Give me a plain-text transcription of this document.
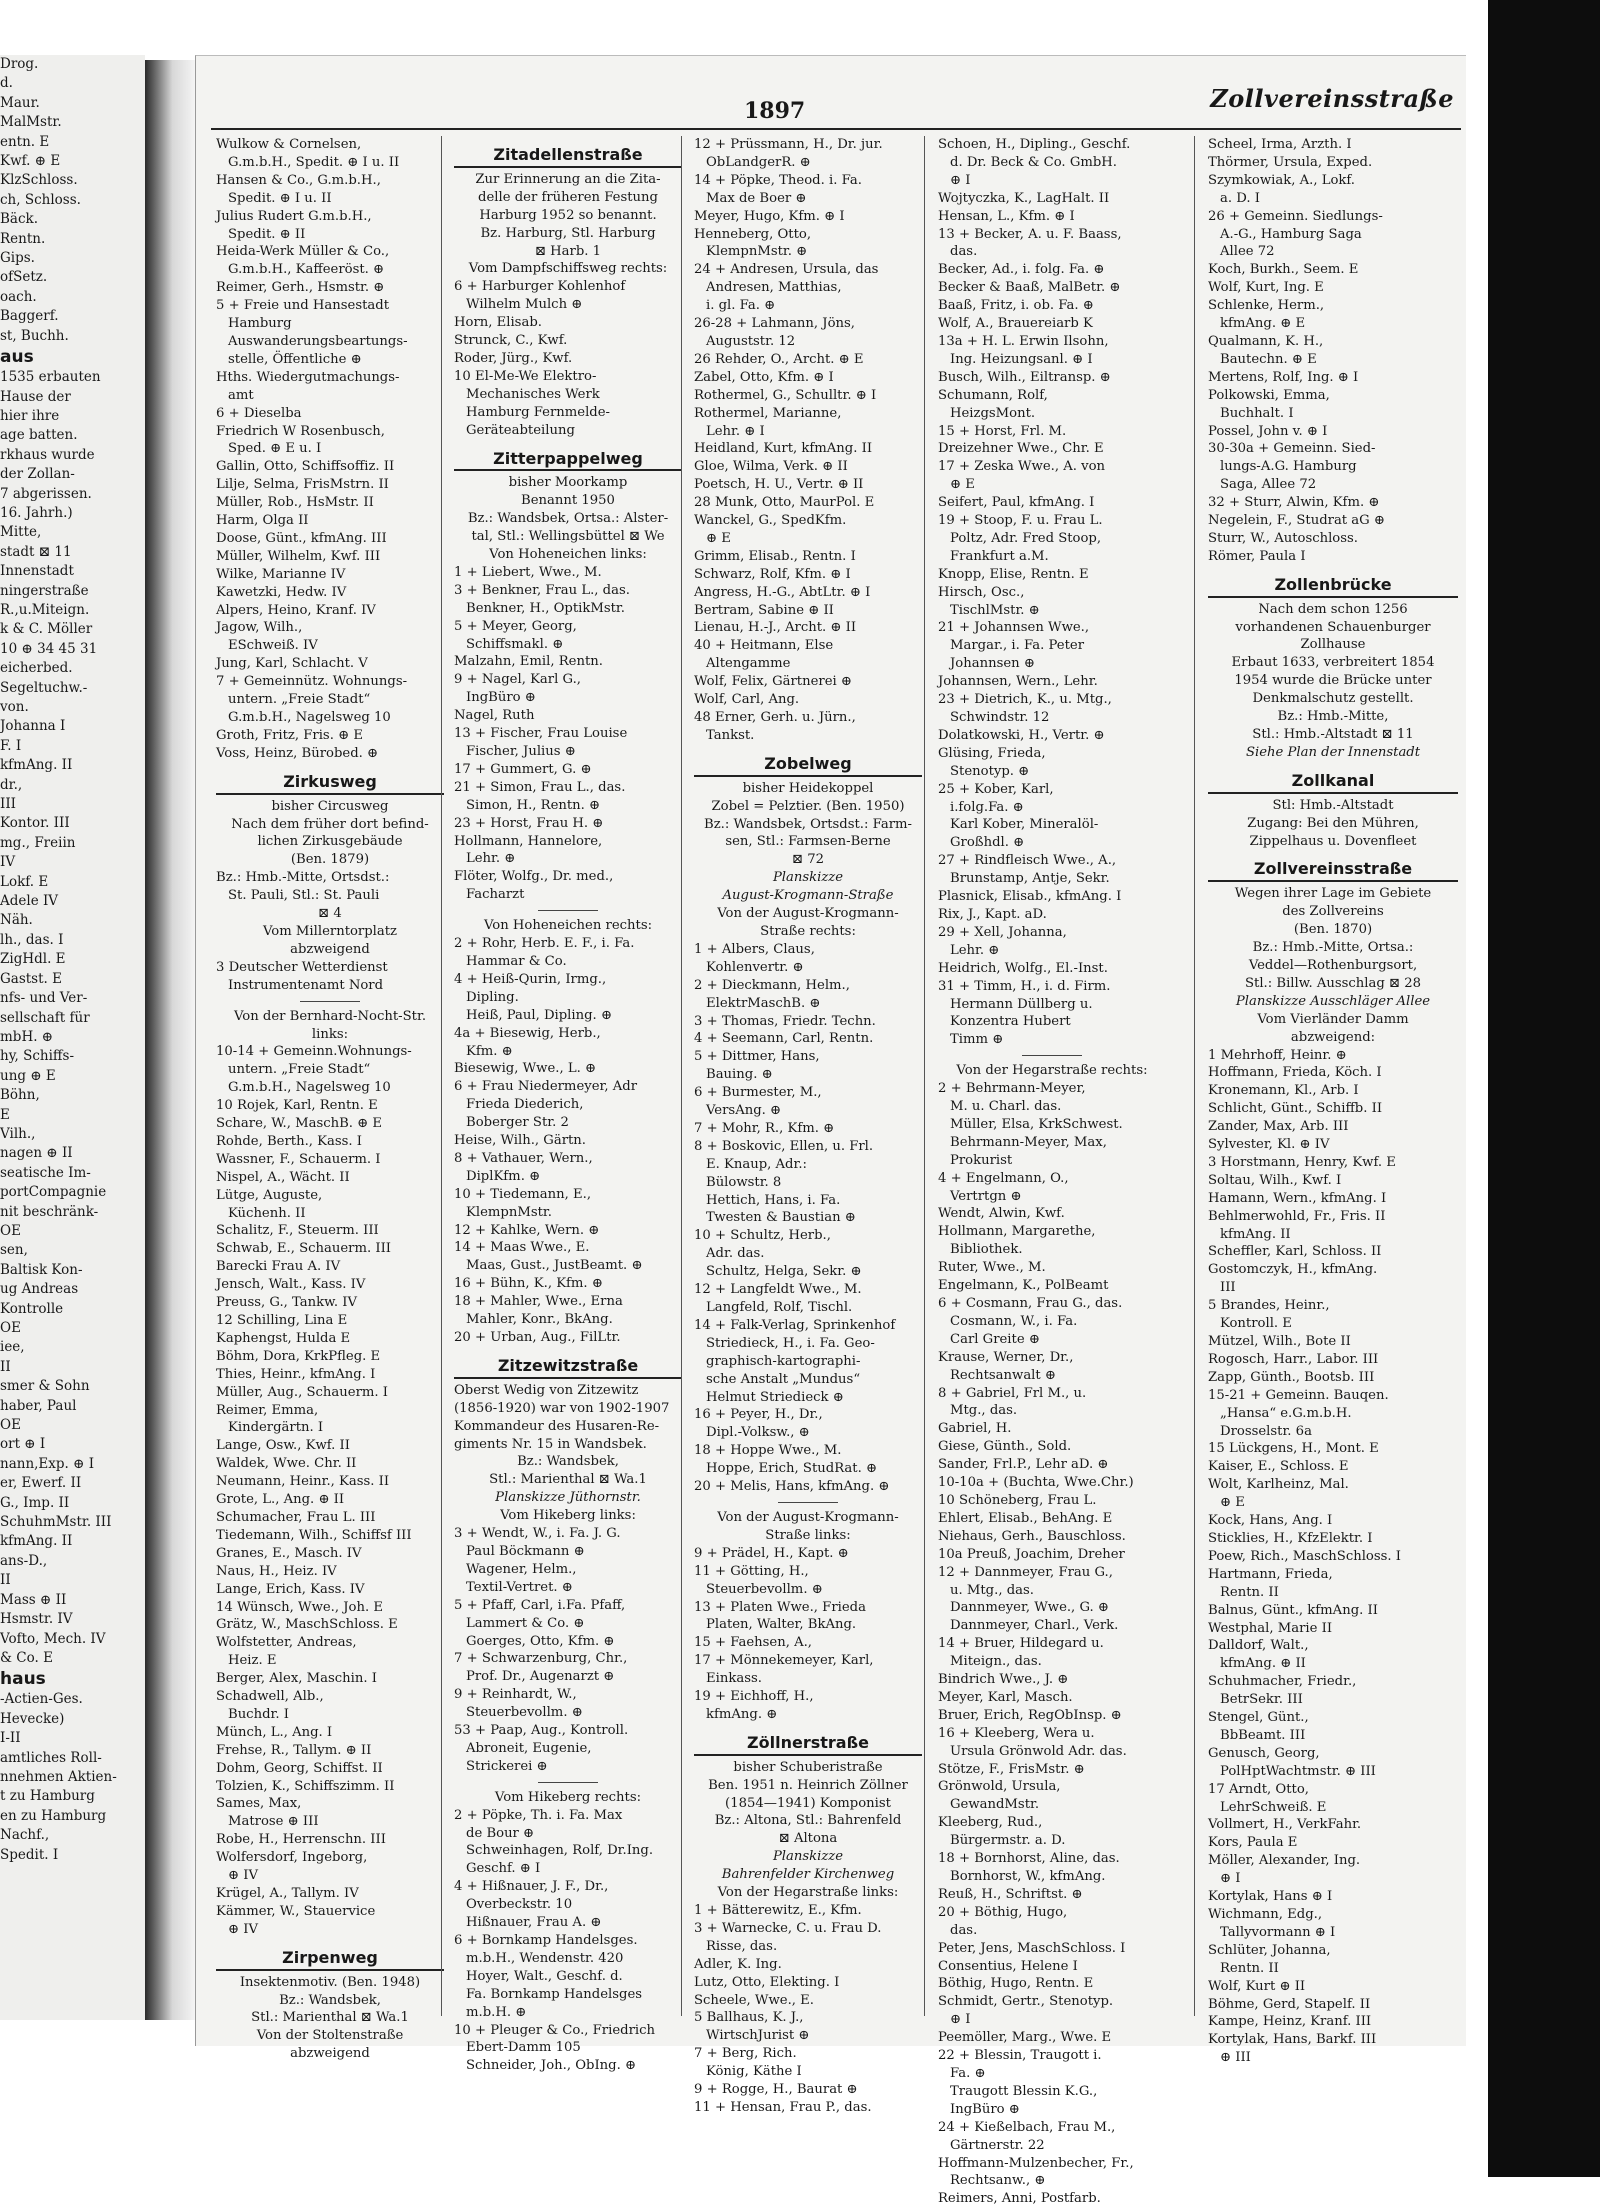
Drog.
d.
Maur.
MalMstr.
entn. E
Kwf. ⊕ E
KlzSchloss.
ch, Schloss.
Bäck.
Rentn.
Gips.
ofSetz.
oach.
Baggerf.
st, Buchh.
aus
1535 erbauten
Hause der
hier ihre
age batten.
rkhaus wurde
der Zollan-
7 abgerissen.
16. Jahrh.)
Mitte,
stadt ⊠ 11
Innenstadt
ningerstraße
R.,u.Miteign.
k & C. Möller
10 ⊕ 34 45 31
eicherbed.
Segeltuchw.-
von.
Johanna I
F. I
kfmAng. II
dr.,
III
Kontor. III
mg., Freiin
IV
Lokf. E
Adele IV
Näh.
lh., das. I
ZigHdl. E
Gastst. E
nfs- und Ver-
sellschaft für
mbH. ⊕
hy, Schiffs-
ung ⊕ E
Böhn,
E
Vilh.,
nagen ⊕ II
seatische Im-
portCompagnie
nit beschränk-
OE
sen,
Baltisk Kon-
ug Andreas
Kontrolle
OE
iee,
II
smer & Sohn
haber, Paul
OE
ort ⊕ I
nann,Exp. ⊕ I
er, Ewerf. II
G., Imp. II
SchuhmMstr. III
kfmAng. II
ans-D.,
II
Mass ⊕ II
Hsmstr. IV
Vofto, Mech. IV
& Co. E
haus
-Actien-Ges.
Hevecke)
I-II
amtliches Roll-
nnehmen Aktien-
t zu Hamburg
en zu Hamburg
Nachf.,
Spedit. I
1897	Zollvereinsstraße
Wulkow & Cornelsen,
G.m.b.H., Spedit. ⊕ I u. II
Hansen & Co., G.m.b.H.,
Spedit. ⊕ I u. II
Julius Rudert G.m.b.H.,
Spedit. ⊕ II
Heida-Werk Müller & Co.,
G.m.b.H., Kaffeeröst. ⊕
Reimer, Gerh., Hsmstr. ⊕
5 + Freie und Hansestadt
Hamburg
Auswanderungsbeartungs-
stelle, Öffentliche ⊕
Hths. Wiedergutmachungs-
amt
6 + Dieselba
Friedrich W Rosenbusch,
Sped. ⊕ E u. I
Gallin, Otto, Schiffsoffiz. II
Lilje, Selma, FrisMstrn. II
Müller, Rob., HsMstr. II
Harm, Olga II
Doose, Günt., kfmAng. III
Müller, Wilhelm, Kwf. III
Wilke, Marianne IV
Kawetzki, Hedw. IV
Alpers, Heino, Kranf. IV
Jagow, Wilh.,
ESchweiß. IV
Jung, Karl, Schlacht. V
7 + Gemeinnütz. Wohnungs-
untern. „Freie Stadt“
G.m.b.H., Nagelsweg 10
Groth, Fritz, Fris. ⊕ E
Voss, Heinz, Bürobed. ⊕
Zirkusweg
bisher Circusweg
Nach dem früher dort befind-
lichen Zirkusgebäude
(Ben. 1879)
Bz.: Hmb.-Mitte, Ortsdst.:
St. Pauli, Stl.: St. Pauli
⊠ 4
Vom Millerntorplatz
abzweigend
3 Deutscher Wetterdienst
Instrumentenamt Nord
Von der Bernhard-Nocht-Str.
links:
10-14 + Gemeinn.Wohnungs-
untern. „Freie Stadt“
G.m.b.H., Nagelsweg 10
10 Rojek, Karl, Rentn. E
Schare, W., MaschB. ⊕ E
Rohde, Berth., Kass. I
Wassner, F., Schauerm. I
Nispel, A., Wächt. II
Lütge, Auguste,
Küchenh. II
Schalitz, F., Steuerm. III
Schwab, E., Schauerm. III
Barecki Frau A. IV
Jensch, Walt., Kass. IV
Preuss, G., Tankw. IV
12 Schilling, Lina E
Kaphengst, Hulda E
Böhm, Dora, KrkPfleg. E
Thies, Heinr., kfmAng. I
Müller, Aug., Schauerm. I
Reimer, Emma,
Kindergärtn. I
Lange, Osw., Kwf. II
Waldek, Wwe. Chr. II
Neumann, Heinr., Kass. II
Grote, L., Ang. ⊕ II
Schumacher, Frau L. III
Tiedemann, Wilh., Schiffsf III
Granes, E., Masch. IV
Naus, H., Heiz. IV
Lange, Erich, Kass. IV
14 Wünsch, Wwe., Joh. E
Grätz, W., MaschSchloss. E
Wolfstetter, Andreas,
Heiz. E
Berger, Alex, Maschin. I
Schadwell, Alb.,
Buchdr. I
Münch, L., Ang. I
Frehse, R., Tallym. ⊕ II
Dohm, Georg, Schiffst. II
Tolzien, K., Schiffszimm. II
Sames, Max,
Matrose ⊕ III
Robe, H., Herrenschn. III
Wolfersdorf, Ingeborg,
⊕ IV
Krügel, A., Tallym. IV
Kämmer, W., Stauervice
⊕ IV
Zirpenweg
Insektenmotiv. (Ben. 1948)
Bz.: Wandsbek,
Stl.: Marienthal ⊠ Wa.1
Von der Stoltenstraße
abzweigend
Zitadellenstraße
Zur Erinnerung an die Zita-
delle der früheren Festung
Harburg 1952 so benannt.
Bz. Harburg, Stl. Harburg
⊠ Harb. 1
Vom Dampfschiffsweg rechts:
6 + Harburger Kohlenhof
Wilhelm Mulch ⊕
Horn, Elisab.
Strunck, C., Kwf.
Roder, Jürg., Kwf.
10 El-Me-We Elektro-
Mechanisches Werk
Hamburg Fernmelde-
Geräteabteilung
Zitterpappelweg
bisher Moorkamp
Benannt 1950
Bz.: Wandsbek, Ortsa.: Alster-
tal, Stl.: Wellingsbüttel ⊠ We
Von Hoheneichen links:
1 + Liebert, Wwe., M.
3 + Benkner, Frau L., das.
Benkner, H., OptikMstr.
5 + Meyer, Georg,
Schiffsmakl. ⊕
Malzahn, Emil, Rentn.
9 + Nagel, Karl G.,
IngBüro ⊕
Nagel, Ruth
13 + Fischer, Frau Louise
Fischer, Julius ⊕
17 + Gummert, G. ⊕
21 + Simon, Frau L., das.
Simon, H., Rentn. ⊕
23 + Horst, Frau H. ⊕
Hollmann, Hannelore,
Lehr. ⊕
Flöter, Wolfg., Dr. med.,
Facharzt
Von Hoheneichen rechts:
2 + Rohr, Herb. E. F., i. Fa.
Hammar & Co.
4 + Heiß-Qurin, Irmg.,
Dipling.
Heiß, Paul, Dipling. ⊕
4a + Biesewig, Herb.,
Kfm. ⊕
Biesewig, Wwe., L. ⊕
6 + Frau Niedermeyer, Adr
Frieda Diederich,
Boberger Str. 2
Heise, Wilh., Gärtn.
8 + Vathauer, Wern.,
DiplKfm. ⊕
10 + Tiedemann, E.,
KlempnMstr.
12 + Kahlke, Wern. ⊕
14 + Maas Wwe., E.
Maas, Gust., JustBeamt. ⊕
16 + Bühn, K., Kfm. ⊕
18 + Mahler, Wwe., Erna
Mahler, Konr., BkAng.
20 + Urban, Aug., FilLtr.
Zitzewitzstraße
Oberst Wedig von Zitzewitz
(1856-1920) war von 1902-1907
Kommandeur des Husaren-Re-
giments Nr. 15 in Wandsbek.
Bz.: Wandsbek,
Stl.: Marienthal ⊠ Wa.1
Planskizze Jüthornstr.
Vom Hikeberg links:
3 + Wendt, W., i. Fa. J. G.
Paul Böckmann ⊕
Wagener, Helm.,
Textil-Vertret. ⊕
5 + Pfaff, Carl, i.Fa. Pfaff,
Lammert & Co. ⊕
Goerges, Otto, Kfm. ⊕
7 + Schwarzenburg, Chr.,
Prof. Dr., Augenarzt ⊕
9 + Reinhardt, W.,
Steuerbevollm. ⊕
53 + Paap, Aug., Kontroll.
Abroneit, Eugenie,
Strickerei ⊕
Vom Hikeberg rechts:
2 + Pöpke, Th. i. Fa. Max
de Bour ⊕
Schweinhagen, Rolf, Dr.Ing.
Geschf. ⊕ I
4 + Hißnauer, J. F., Dr.,
Overbeckstr. 10
Hißnauer, Frau A. ⊕
6 + Bornkamp Handelsges.
m.b.H., Wendenstr. 420
Hoyer, Walt., Geschf. d.
Fa. Bornkamp Handelsges
m.b.H. ⊕
10 + Pleuger & Co., Friedrich
Ebert-Damm 105
Schneider, Joh., ObIng. ⊕
12 + Prüssmann, H., Dr. jur.
ObLandgerR. ⊕
14 + Pöpke, Theod. i. Fa.
Max de Boer ⊕
Meyer, Hugo, Kfm. ⊕ I
Henneberg, Otto,
KlempnMstr. ⊕
24 + Andresen, Ursula, das
Andresen, Matthias,
i. gl. Fa. ⊕
26-28 + Lahmann, Jöns,
Auguststr. 12
26 Rehder, O., Archt. ⊕ E
Zabel, Otto, Kfm. ⊕ I
Rothermel, G., Schulltr. ⊕ I
Rothermel, Marianne,
Lehr. ⊕ I
Heidland, Kurt, kfmAng. II
Gloe, Wilma, Verk. ⊕ II
Poetsch, H. U., Vertr. ⊕ II
28 Munk, Otto, MaurPol. E
Wanckel, G., SpedKfm.
⊕ E
Grimm, Elisab., Rentn. I
Schwarz, Rolf, Kfm. ⊕ I
Angress, H.-G., AbtLtr. ⊕ I
Bertram, Sabine ⊕ II
Lienau, H.-J., Archt. ⊕ II
40 + Heitmann, Else
Altengamme
Wolf, Felix, Gärtnerei ⊕
Wolf, Carl, Ang.
48 Erner, Gerh. u. Jürn.,
Tankst.
Zobelweg
bisher Heidekoppel
Zobel = Pelztier. (Ben. 1950)
Bz.: Wandsbek, Ortsdst.: Farm-
sen, Stl.: Farmsen-Berne
⊠ 72
Planskizze
August-Krogmann-Straße
Von der August-Krogmann-
Straße rechts:
1 + Albers, Claus,
Kohlenvertr. ⊕
2 + Dieckmann, Helm.,
ElektrMaschB. ⊕
3 + Thomas, Friedr. Techn.
4 + Seemann, Carl, Rentn.
5 + Dittmer, Hans,
Bauing. ⊕
6 + Burmester, M.,
VersAng. ⊕
7 + Mohr, R., Kfm. ⊕
8 + Boskovic, Ellen, u. Frl.
E. Knaup, Adr.:
Bülowstr. 8
Hettich, Hans, i. Fa.
Twesten & Baustian ⊕
10 + Schultz, Herb.,
Adr. das.
Schultz, Helga, Sekr. ⊕
12 + Langfeldt Wwe., M.
Langfeld, Rolf, Tischl.
14 + Falk-Verlag, Sprinkenhof
Striedieck, H., i. Fa. Geo-
graphisch-kartographi-
sche Anstalt „Mundus“
Helmut Striedieck ⊕
16 + Peyer, H., Dr.,
Dipl.-Volksw., ⊕
18 + Hoppe Wwe., M.
Hoppe, Erich, StudRat. ⊕
20 + Melis, Hans, kfmAng. ⊕
Von der August-Krogmann-
Straße links:
9 + Prädel, H., Kapt. ⊕
11 + Götting, H.,
Steuerbevollm. ⊕
13 + Platen Wwe., Frieda
Platen, Walter, BkAng.
15 + Faehsen, A.,
17 + Mönnekemeyer, Karl,
Einkass.
19 + Eichhoff, H.,
kfmAng. ⊕
Zöllnerstraße
bisher Schuberistraße
Ben. 1951 n. Heinrich Zöllner
(1854—1941) Komponist
Bz.: Altona, Stl.: Bahrenfeld
⊠ Altona
Planskizze
Bahrenfelder Kirchenweg
Von der Hegarstraße links:
1 + Bätterewitz, E., Kfm.
3 + Warnecke, C. u. Frau D.
Risse, das.
Adler, K. Ing.
Lutz, Otto, Elekting. I
Scheele, Wwe., E.
5 Ballhaus, K. J.,
WirtschJurist ⊕
7 + Berg, Rich.
König, Käthe I
9 + Rogge, H., Baurat ⊕
11 + Hensan, Frau P., das.
Schoen, H., Dipling., Geschf.
d. Dr. Beck & Co. GmbH.
⊕ I
Wojtyczka, K., LagHalt. II
Hensan, L., Kfm. ⊕ I
13 + Becker, A. u. F. Baass,
das.
Becker, Ad., i. folg. Fa. ⊕
Becker & Baaß, MalBetr. ⊕
Baaß, Fritz, i. ob. Fa. ⊕
Wolf, A., Brauereiarb K
13a + H. L. Erwin Ilsohn,
Ing. Heizungsanl. ⊕ I
Busch, Wilh., Eiltransp. ⊕
Schumann, Rolf,
HeizgsMont.
15 + Horst, Frl. M.
Dreizehner Wwe., Chr. E
17 + Zeska Wwe., A. von
⊕ E
Seifert, Paul, kfmAng. I
19 + Stoop, F. u. Frau L.
Poltz, Adr. Fred Stoop,
Frankfurt a.M.
Knopp, Elise, Rentn. E
Hirsch, Osc.,
TischlMstr. ⊕
21 + Johannsen Wwe.,
Margar., i. Fa. Peter
Johannsen ⊕
Johannsen, Wern., Lehr.
23 + Dietrich, K., u. Mtg.,
Schwindstr. 12
Dolatkowski, H., Vertr. ⊕
Glüsing, Frieda,
Stenotyp. ⊕
25 + Kober, Karl,
i.folg.Fa. ⊕
Karl Kober, Mineralöl-
Großhdl. ⊕
27 + Rindfleisch Wwe., A.,
Brunstamp, Antje, Sekr.
Plasnick, Elisab., kfmAng. I
Rix, J., Kapt. aD.
29 + Xell, Johanna,
Lehr. ⊕
Heidrich, Wolfg., El.-Inst.
31 + Timm, H., i. d. Firm.
Hermann Düllberg u.
Konzentra Hubert
Timm ⊕
Von der Hegarstraße rechts:
2 + Behrmann-Meyer,
M. u. Charl. das.
Müller, Elsa, KrkSchwest.
Behrmann-Meyer, Max,
Prokurist
4 + Engelmann, O.,
Vertrtgn ⊕
Wendt, Alwin, Kwf.
Hollmann, Margarethe,
Bibliothek.
Ruter, Wwe., M.
Engelmann, K., PolBeamt
6 + Cosmann, Frau G., das.
Cosmann, W., i. Fa.
Carl Greite ⊕
Krause, Werner, Dr.,
Rechtsanwalt ⊕
8 + Gabriel, Frl M., u.
Mtg., das.
Gabriel, H.
Giese, Günth., Sold.
Sander, Frl.P., Lehr aD. ⊕
10-10a + (Buchta, Wwe.Chr.)
10 Schöneberg, Frau L.
Ehlert, Elisab., BehAng. E
Niehaus, Gerh., Bauschloss.
10a Preuß, Joachim, Dreher
12 + Dannmeyer, Frau G.,
u. Mtg., das.
Dannmeyer, Wwe., G. ⊕
Dannmeyer, Charl., Verk.
14 + Bruer, Hildegard u.
Miteign., das.
Bindrich Wwe., J. ⊕
Meyer, Karl, Masch.
Bruer, Erich, RegObInsp. ⊕
16 + Kleeberg, Wera u.
Ursula Grönwold Adr. das.
Stötze, F., FrisMstr. ⊕
Grönwold, Ursula,
GewandMstr.
Kleeberg, Rud.,
Bürgermstr. a. D.
18 + Bornhorst, Aline, das.
Bornhorst, W., kfmAng.
Reuß, H., Schriftst. ⊕
20 + Böthig, Hugo,
das.
Peter, Jens, MaschSchloss. I
Consentius, Helene I
Böthig, Hugo, Rentn. E
Schmidt, Gertr., Stenotyp.
⊕ I
Peemöller, Marg., Wwe. E
22 + Blessin, Traugott i.
Fa. ⊕
Traugott Blessin K.G.,
IngBüro ⊕
24 + Kießelbach, Frau M.,
Gärtnerstr. 22
Hoffmann-Mulzenbecher, Fr.,
Rechtsanw., ⊕
Reimers, Anni, Postfarb.
Scheel, Irma, Arzth. I
Thörmer, Ursula, Exped.
Szymkowiak, A., Lokf.
a. D. I
26 + Gemeinn. Siedlungs-
A.-G., Hamburg Saga
Allee 72
Koch, Burkh., Seem. E
Wolf, Kurt, Ing. E
Schlenke, Herm.,
kfmAng. ⊕ E
Qualmann, K. H.,
Bautechn. ⊕ E
Mertens, Rolf, Ing. ⊕ I
Polkowski, Emma,
Buchhalt. I
Possel, John v. ⊕ I
30-30a + Gemeinn. Sied-
lungs-A.G. Hamburg
Saga, Allee 72
32 + Sturr, Alwin, Kfm. ⊕
Negelein, F., Studrat aG ⊕
Sturr, W., Autoschloss.
Römer, Paula I
Zollenbrücke
Nach dem schon 1256
vorhandenen Schauenburger
Zollhause
Erbaut 1633, verbreitert 1854
1954 wurde die Brücke unter
Denkmalschutz gestellt.
Bz.: Hmb.-Mitte,
Stl.: Hmb.-Altstadt ⊠ 11
Siehe Plan der Innenstadt
Zollkanal
Stl: Hmb.-Altstadt
Zugang: Bei den Mühren,
Zippelhaus u. Dovenfleet
Zollvereinsstraße
Wegen ihrer Lage im Gebiete
des Zollvereins
(Ben. 1870)
Bz.: Hmb.-Mitte, Ortsa.:
Veddel—Rothenburgsort,
Stl.: Billw. Ausschlag ⊠ 28
Planskizze Ausschläger Allee
Vom Vierländer Damm
abzweigend:
1 Mehrhoff, Heinr. ⊕
Hoffmann, Frieda, Köch. I
Kronemann, Kl., Arb. I
Schlicht, Günt., Schiffb. II
Zander, Max, Arb. III
Sylvester, Kl. ⊕ IV
3 Horstmann, Henry, Kwf. E
Soltau, Wilh., Kwf. I
Hamann, Wern., kfmAng. I
Behlmerwohld, Fr., Fris. II
kfmAng. II
Scheffler, Karl, Schloss. II
Gostomczyk, H., kfmAng.
III
5 Brandes, Heinr.,
Kontroll. E
Mützel, Wilh., Bote II
Rogosch, Harr., Labor. III
Zapp, Günth., Bootsb. III
15-21 + Gemeinn. Bauqen.
„Hansa“ e.G.m.b.H.
Drosselstr. 6a
15 Lückgens, H., Mont. E
Kaiser, E., Schloss. E
Wolt, Karlheinz, Mal.
⊕ E
Kock, Hans, Ang. I
Sticklies, H., KfzElektr. I
Poew, Rich., MaschSchloss. I
Hartmann, Frieda,
Rentn. II
Balnus, Günt., kfmAng. II
Westphal, Marie II
Dalldorf, Walt.,
kfmAng. ⊕ II
Schuhmacher, Friedr.,
BetrSekr. III
Stengel, Günt.,
BbBeamt. III
Genusch, Georg,
PolHptWachtmstr. ⊕ III
17 Arndt, Otto,
LehrSchweiß. E
Vollmert, H., VerkFahr.
Kors, Paula E
Möller, Alexander, Ing.
⊕ I
Kortylak, Hans ⊕ I
Wichmann, Edg.,
Tallyvormann ⊕ I
Schlüter, Johanna,
Rentn. II
Wolf, Kurt ⊕ II
Böhme, Gerd, Stapelf. II
Kampe, Heinz, Kranf. III
Kortylak, Hans, Barkf. III
⊕ III
